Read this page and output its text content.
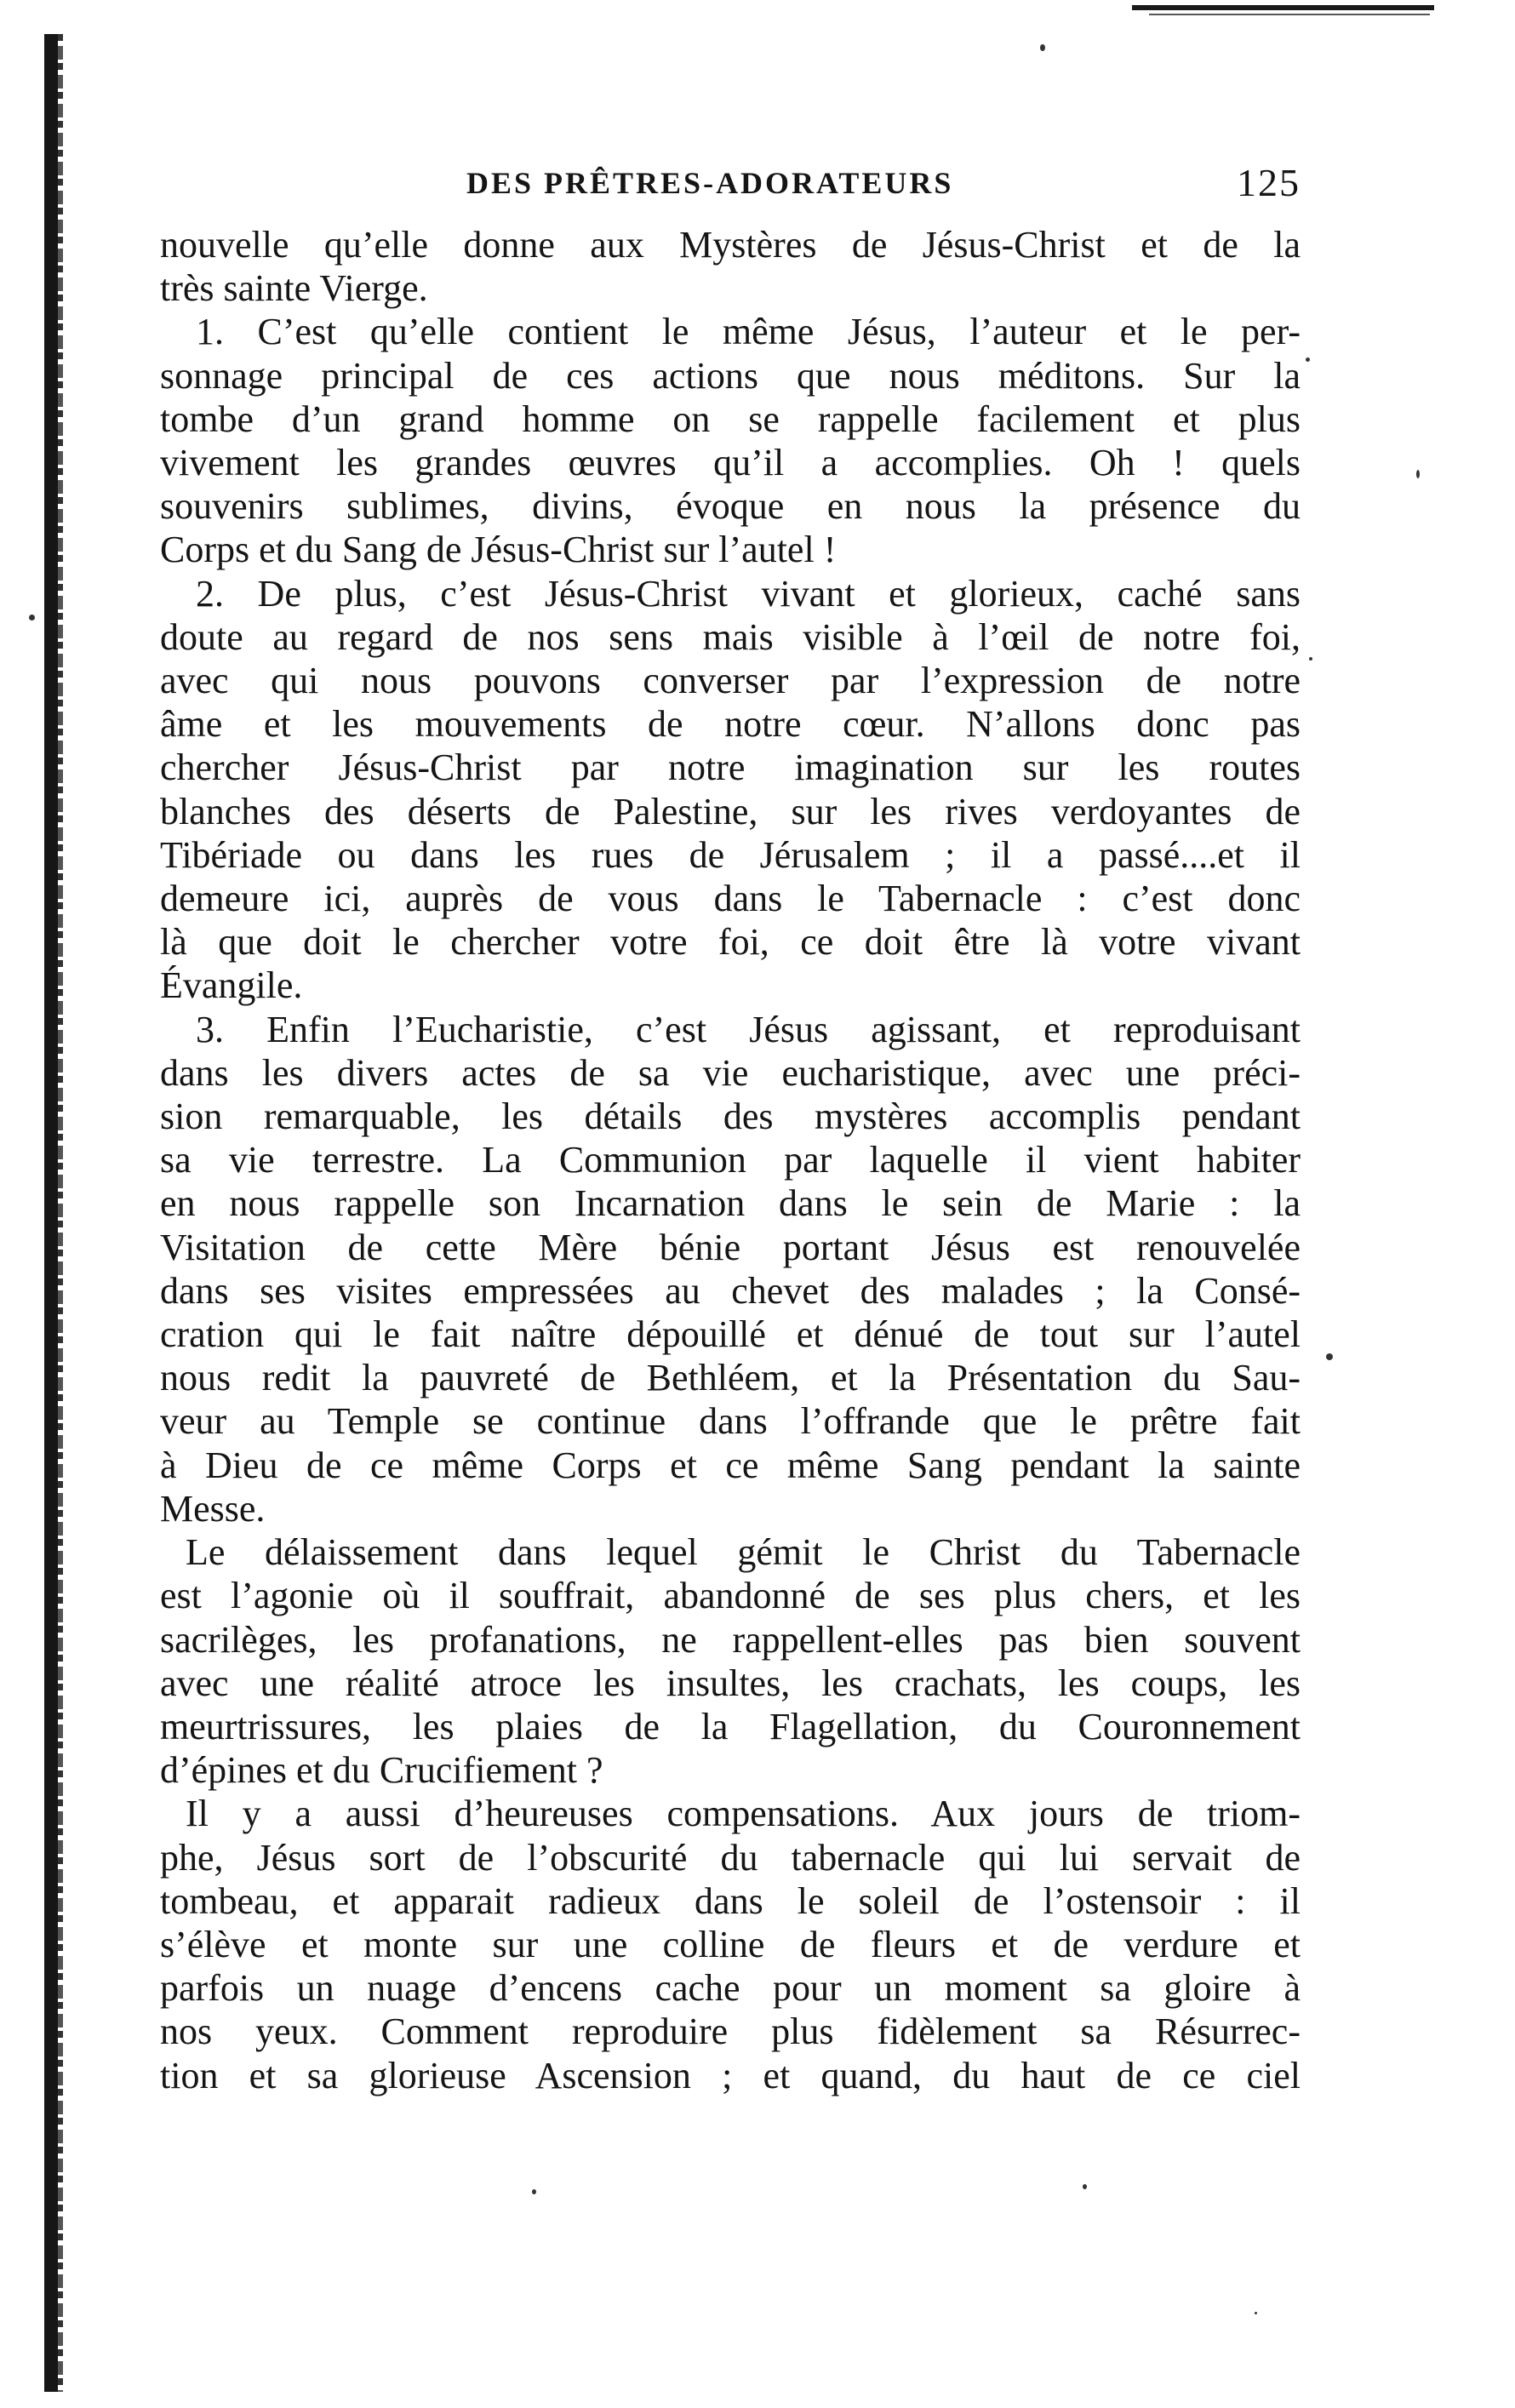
DES PRÊTRES-ADORATEURS	125
nouvelle qu’elle donne aux Mystères de Jésus-Christ et de la
très sainte Vierge.
1. C’est qu’elle contient le même Jésus, l’auteur et le per-
sonnage principal de ces actions que nous méditons. Sur la
tombe d’un grand homme on se rappelle facilement et plus
vivement les grandes œuvres qu’il a accomplies. Oh ! quels
souvenirs sublimes, divins, évoque en nous la présence du
Corps et du Sang de Jésus-Christ sur l’autel !
2. De plus, c’est Jésus-Christ vivant et glorieux, caché sans
doute au regard de nos sens mais visible à l’œil de notre foi,
avec qui nous pouvons converser par l’expression de notre
âme et les mouvements de notre cœur. N’allons donc pas
chercher Jésus-Christ par notre imagination sur les routes
blanches des déserts de Palestine, sur les rives verdoyantes de
Tibériade ou dans les rues de Jérusalem ; il a passé....et il
demeure ici, auprès de vous dans le Tabernacle : c’est donc
là que doit le chercher votre foi, ce doit être là votre vivant
Évangile.
3. Enfin l’Eucharistie, c’est Jésus agissant, et reproduisant
dans les divers actes de sa vie eucharistique, avec une préci-
sion remarquable, les détails des mystères accomplis pendant
sa vie terrestre. La Communion par laquelle il vient habiter
en nous rappelle son Incarnation dans le sein de Marie : la
Visitation de cette Mère bénie portant Jésus est renouvelée
dans ses visites empressées au chevet des malades ; la Consé-
cration qui le fait naître dépouillé et dénué de tout sur l’autel
nous redit la pauvreté de Bethléem, et la Présentation du Sau-
veur au Temple se continue dans l’offrande que le prêtre fait
à Dieu de ce même Corps et ce même Sang pendant la sainte
Messe.
Le délaissement dans lequel gémit le Christ du Tabernacle
est l’agonie où il souffrait, abandonné de ses plus chers, et les
sacrilèges, les profanations, ne rappellent-elles pas bien souvent
avec une réalité atroce les insultes, les crachats, les coups, les
meurtrissures, les plaies de la Flagellation, du Couronnement
d’épines et du Crucifiement ?
Il y a aussi d’heureuses compensations. Aux jours de triom-
phe, Jésus sort de l’obscurité du tabernacle qui lui servait de
tombeau, et apparait radieux dans le soleil de l’ostensoir : il
s’élève et monte sur une colline de fleurs et de verdure et
parfois un nuage d’encens cache pour un moment sa gloire à
nos yeux. Comment reproduire plus fidèlement sa Résurrec-
tion et sa glorieuse Ascension ; et quand, du haut de ce ciel
